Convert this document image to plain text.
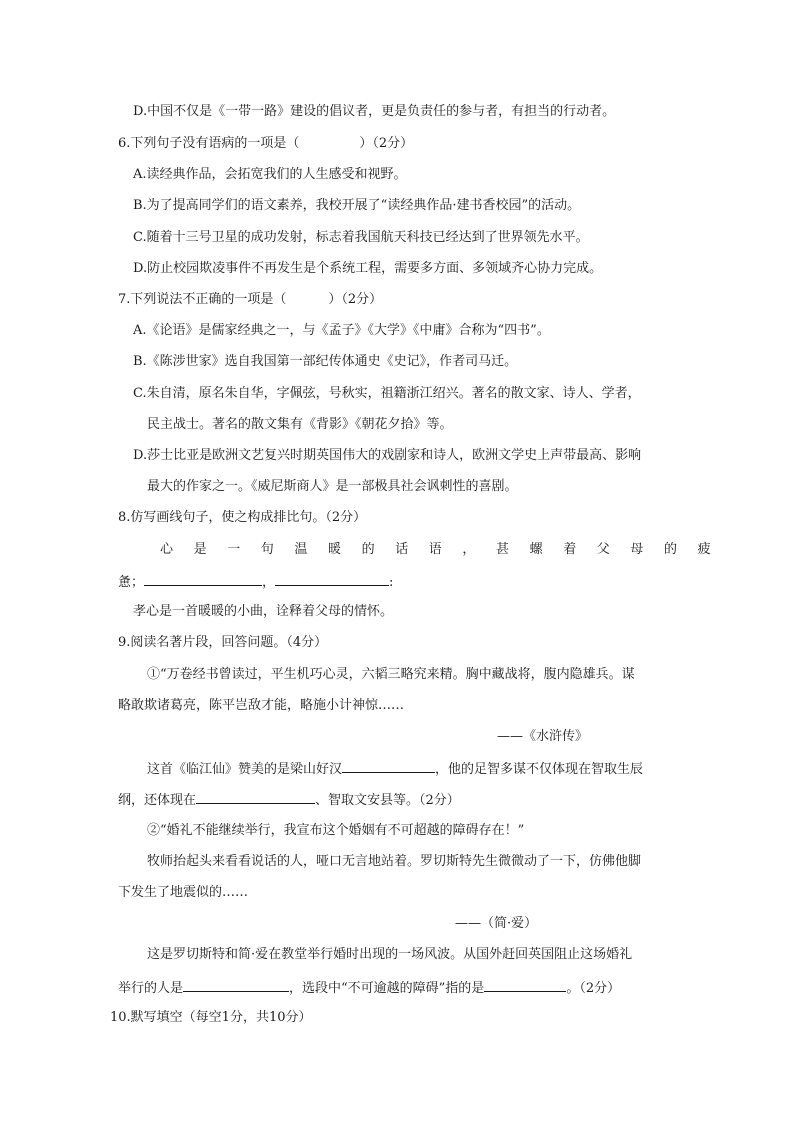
D.中国不仅是《一带一路》建设的倡议者，更是负责任的参与者，有担当的行动者。
6.下列句子没有语病的一项是（	）（2分）
A.读经典作品，会拓宽我们的人生感受和视野。
B.为了提高同学们的语文素养，我校开展了“读经典作品·建书香校园”的活动。
C.随着十三号卫星的成功发射，标志着我国航天科技已经达到了世界领先水平。
D.防止校园欺凌事件不再发生是个系统工程，需要多方面、多领域齐心协力完成。
7.下列说法不正确的一项是（	）（2分）
A.《论语》是儒家经典之一，与《孟子》《大学》《中庸》合称为“四书”。
B.《陈涉世家》选自我国第一部纪传体通史《史记》，作者司马迁。
C.朱自清，原名朱自华，字佩弦，号秋实，祖籍浙江绍兴。著名的散文家、诗人、学者，
民主战士。著名的散文集有《背影》《朝花夕拾》等。
D.莎士比亚是欧洲文艺复兴时期英国伟大的戏剧家和诗人，欧洲文学史上声带最高、影响
最大的作家之一。《威尼斯商人》是一部极具社会讽刺性的喜剧。
8.仿写画线句子，使之构成排比句。（2分）
心是一句温暖的话语，甚螺着父母的疲
惫；	，	:
孝心是一首暖暖的小曲，诠释着父母的情怀。
9.阅读名著片段，回答问题。（4分）
①“万卷经书曾读过，平生机巧心灵，六韬三略究来精。胸中藏战将，腹内隐雄兵。谋
略敢欺诸葛亮，陈平岂敌才能，略施小计神惊……
——《水浒传》
这首《临江仙》赞美的是梁山好汉	，他的足智多谋不仅体现在智取生辰
纲，还体现在	、智取文安县等。（2分）
②“婚礼不能继续举行，我宣布这个婚姻有不可超越的障碍存在！”
牧师抬起头来看看说话的人，哑口无言地站着。罗切斯特先生微微动了一下，仿佛他脚
下发生了地震似的……
——（简·爱）
这是罗切斯特和简·爱在教堂举行婚时出现的一场风波。从国外赶回英国阻止这场婚礼
举行的人是	，选段中“不可逾越的障碍”指的是	。（2分）
10.默写填空（每空1分，共10分）
